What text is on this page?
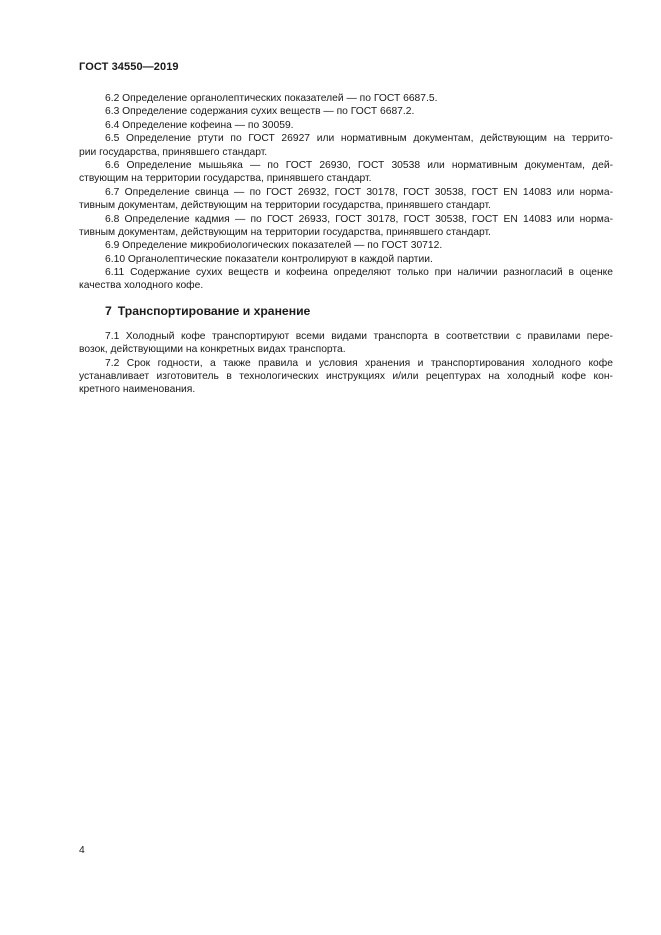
ГОСТ 34550—2019
6.2 Определение органолептических показателей — по ГОСТ 6687.5.
6.3 Определение содержания сухих веществ — по ГОСТ 6687.2.
6.4 Определение кофеина — по 30059.
6.5 Определение ртути по ГОСТ 26927 или нормативным документам, действующим на террито-
рии государства, принявшего стандарт.
6.6 Определение мышьяка — по ГОСТ 26930, ГОСТ 30538 или нормативным документам, дей-
ствующим на территории государства, принявшего стандарт.
6.7 Определение свинца — по ГОСТ 26932, ГОСТ 30178, ГОСТ 30538, ГОСТ EN 14083 или норма-
тивным документам, действующим на территории государства, принявшего стандарт.
6.8 Определение кадмия — по ГОСТ 26933, ГОСТ 30178, ГОСТ 30538, ГОСТ EN 14083 или норма-
тивным документам, действующим на территории государства, принявшего стандарт.
6.9 Определение микробиологических показателей — по ГОСТ 30712.
6.10 Органолептические показатели контролируют в каждой партии.
6.11 Содержание сухих веществ и кофеина определяют только при наличии разногласий в оценке
качества холодного кофе.
7 Транспортирование и хранение
7.1 Холодный кофе транспортируют всеми видами транспорта в соответствии с правилами пере-
возок, действующими на конкретных видах транспорта.
7.2 Срок годности, а также правила и условия хранения и транспортирования холодного кофе
устанавливает изготовитель в технологических инструкциях и/или рецептурах на холодный кофе кон-
кретного наименования.
4
